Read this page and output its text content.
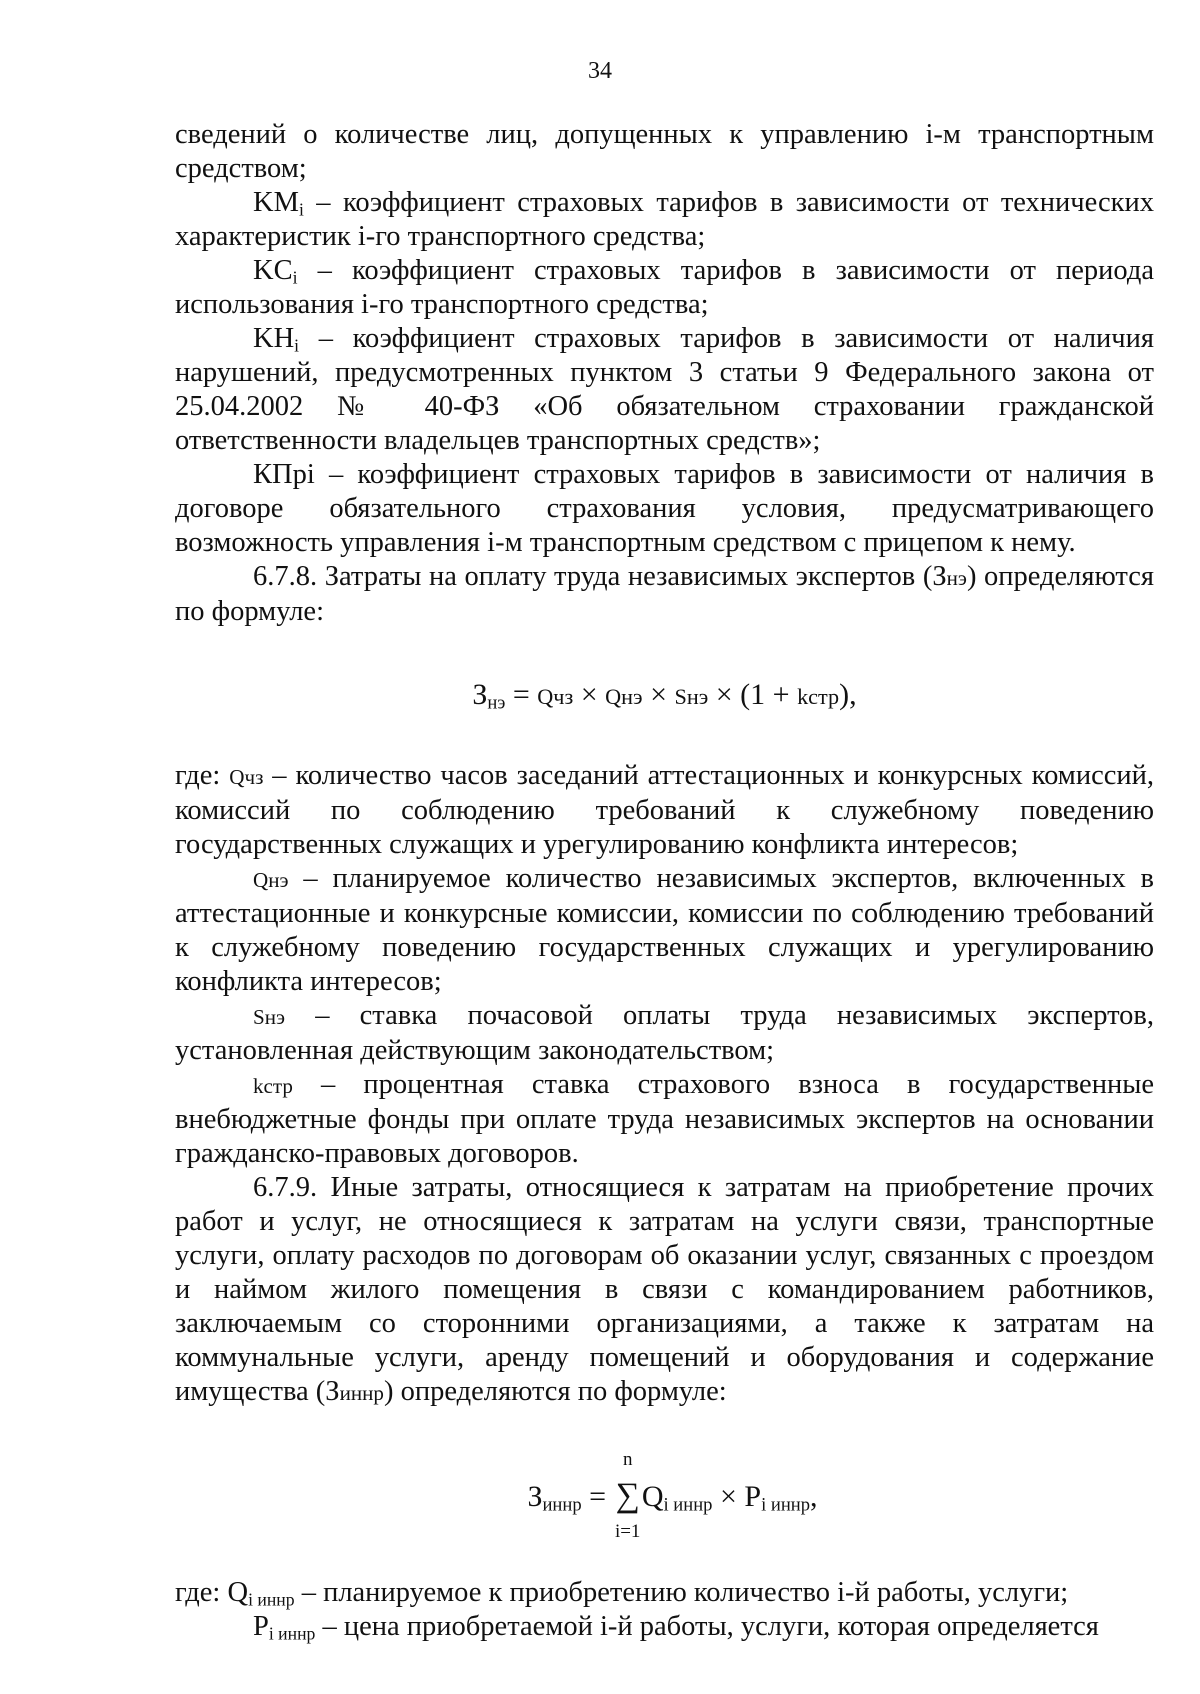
34

сведений о количестве лиц, допущенных к управлению i-м транспортным средством;

$KM_i$ – коэффициент страховых тарифов в зависимости от технических характеристик i-го транспортного средства;

$KC_i$ – коэффициент страховых тарифов в зависимости от периода использования i-го транспортного средства;

$KH_i$ – коэффициент страховых тарифов в зависимости от наличия нарушений, предусмотренных пунктом 3 статьи 9 Федерального закона от 25.04.2002 № 40-ФЗ «Об обязательном страховании гражданской ответственности владельцев транспортных средств»;

КПpi – коэффициент страховых тарифов в зависимости от наличия в договоре обязательного страхования условия, предусматривающего возможность управления i-м транспортным средством с прицепом к нему.

6.7.8. Затраты на оплату труда независимых экспертов (Знэ) определяются по формуле:

$З_{нэ}$ = Qчз × Qнэ × Sнэ × (1 + kстр),

где: Qчз – количество часов заседаний аттестационных и конкурсных комиссий, комиссий по соблюдению требований к служебному поведению государственных служащих и урегулированию конфликта интересов;

Qнэ – планируемое количество независимых экспертов, включенных в аттестационные и конкурсные комиссии, комиссии по соблюдению требований к служебному поведению государственных служащих и урегулированию конфликта интересов;

Sнэ – ставка почасовой оплаты труда независимых экспертов, установленная действующим законодательством;

kстр – процентная ставка страхового взноса в государственные внебюджетные фонды при оплате труда независимых экспертов на основании гражданско-правовых договоров.

6.7.9. Иные затраты, относящиеся к затратам на приобретение прочих работ и услуг, не относящиеся к затратам на услуги связи, транспортные услуги, оплату расходов по договорам об оказании услуг, связанных с проездом и наймом жилого помещения в связи с командированием работников, заключаемым со сторонними организациями, а также к затратам на коммунальные услуги, аренду помещений и оборудования и содержание имущества (Зиннр) определяются по формуле:

$З_{иннр}$ = ∑
n
i=1
$Q_{i иннр} \times P_{i иннр}$,

где: $Q_{i иннр}$ – планируемое к приобретению количество i-й работы, услуги;

$P_{i иннр}$ – цена приобретаемой i-й работы, услуги, которая определяется
